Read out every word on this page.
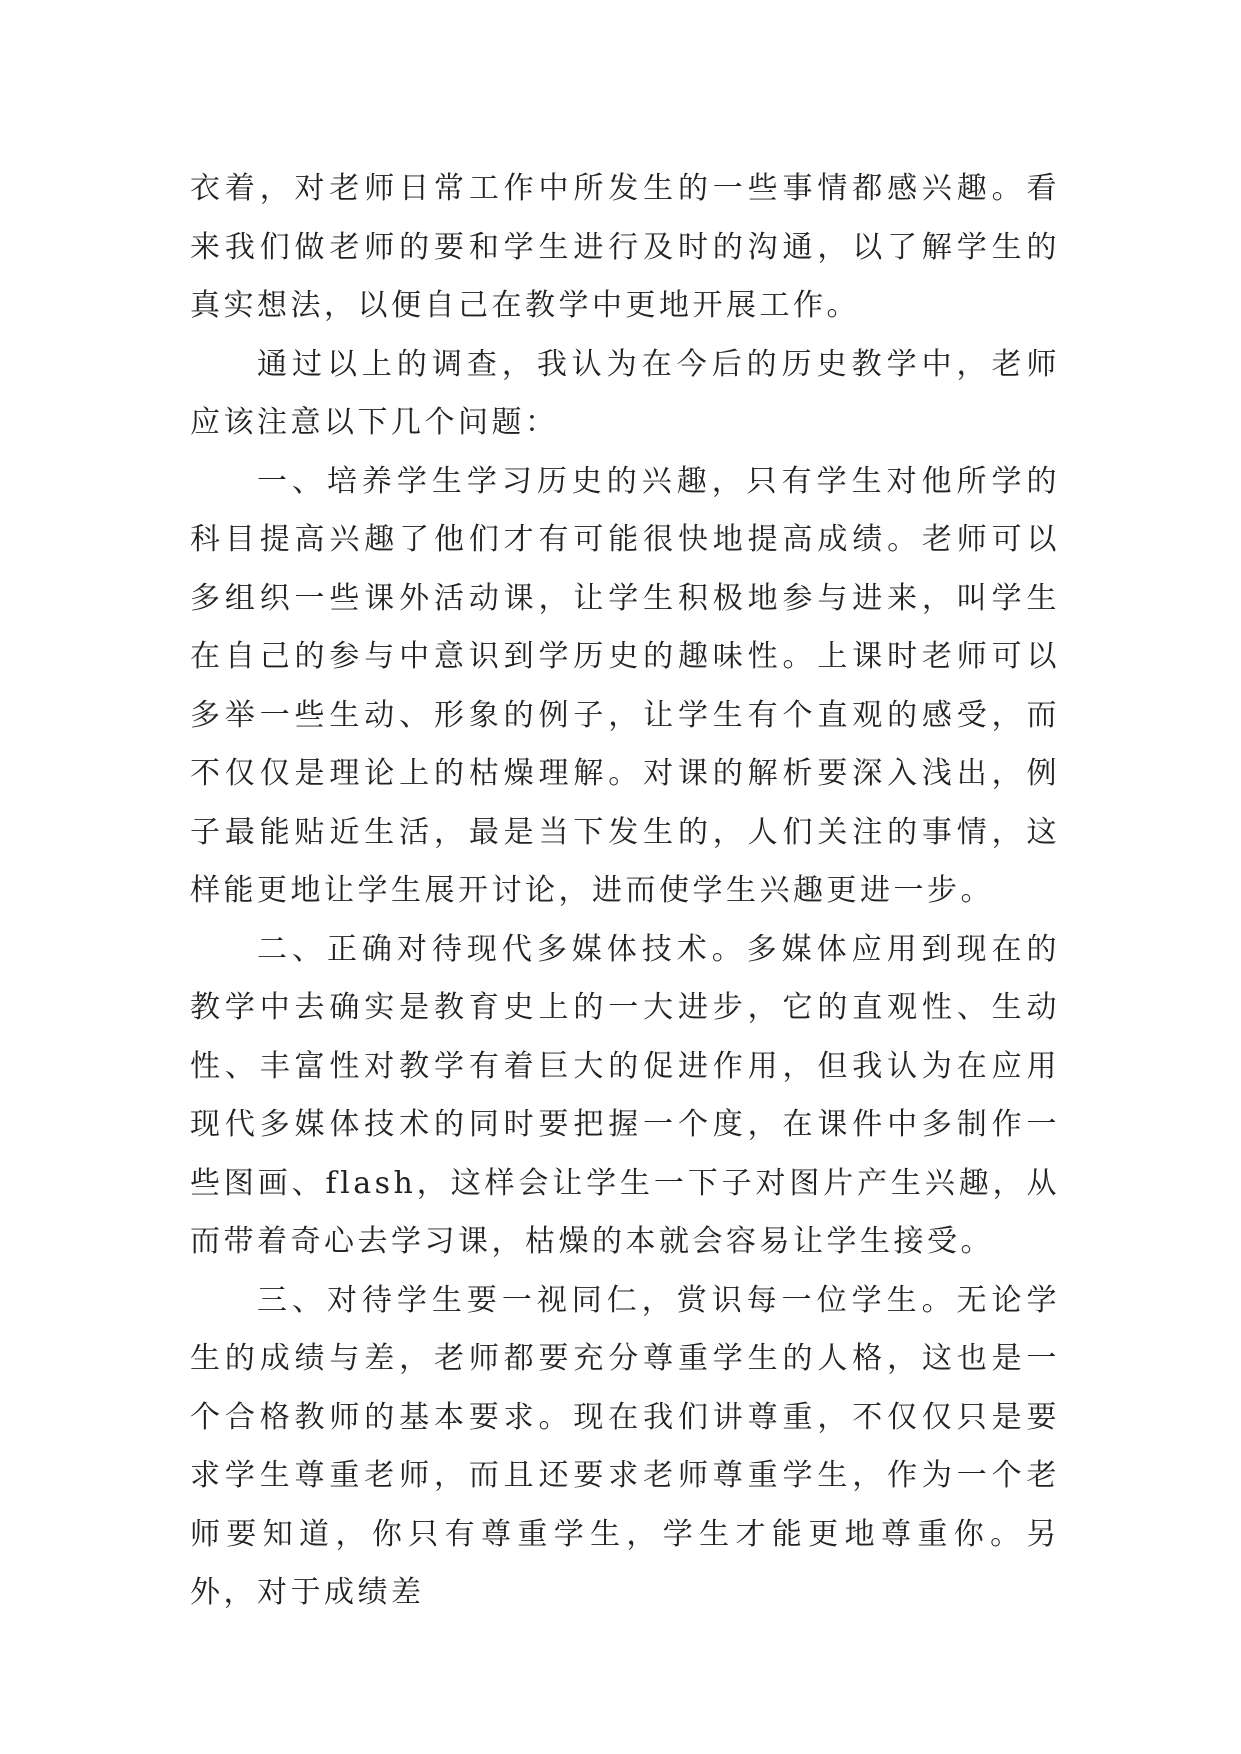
衣着，对老师日常工作中所发生的一些事情都感兴趣。看来我们做老师的要和学生进行及时的沟通，以了解学生的真实想法，以便自己在教学中更地开展工作。

通过以上的调查，我认为在今后的历史教学中，老师应该注意以下几个问题：

一、培养学生学习历史的兴趣，只有学生对他所学的科目提高兴趣了他们才有可能很快地提高成绩。老师可以多组织一些课外活动课，让学生积极地参与进来，叫学生在自己的参与中意识到学历史的趣味性。上课时老师可以多举一些生动、形象的例子，让学生有个直观的感受，而不仅仅是理论上的枯燥理解。对课的解析要深入浅出，例子最能贴近生活，最是当下发生的，人们关注的事情，这样能更地让学生展开讨论，进而使学生兴趣更进一步。

二、正确对待现代多媒体技术。多媒体应用到现在的教学中去确实是教育史上的一大进步，它的直观性、生动性、丰富性对教学有着巨大的促进作用，但我认为在应用现代多媒体技术的同时要把握一个度，在课件中多制作一些图画、flash，这样会让学生一下子对图片产生兴趣，从而带着奇心去学习课，枯燥的本就会容易让学生接受。

三、对待学生要一视同仁，赏识每一位学生。无论学生的成绩与差，老师都要充分尊重学生的人格，这也是一个合格教师的基本要求。现在我们讲尊重，不仅仅只是要求学生尊重老师，而且还要求老师尊重学生，作为一个老师要知道，你只有尊重学生，学生才能更地尊重你。另外，对于成绩差
